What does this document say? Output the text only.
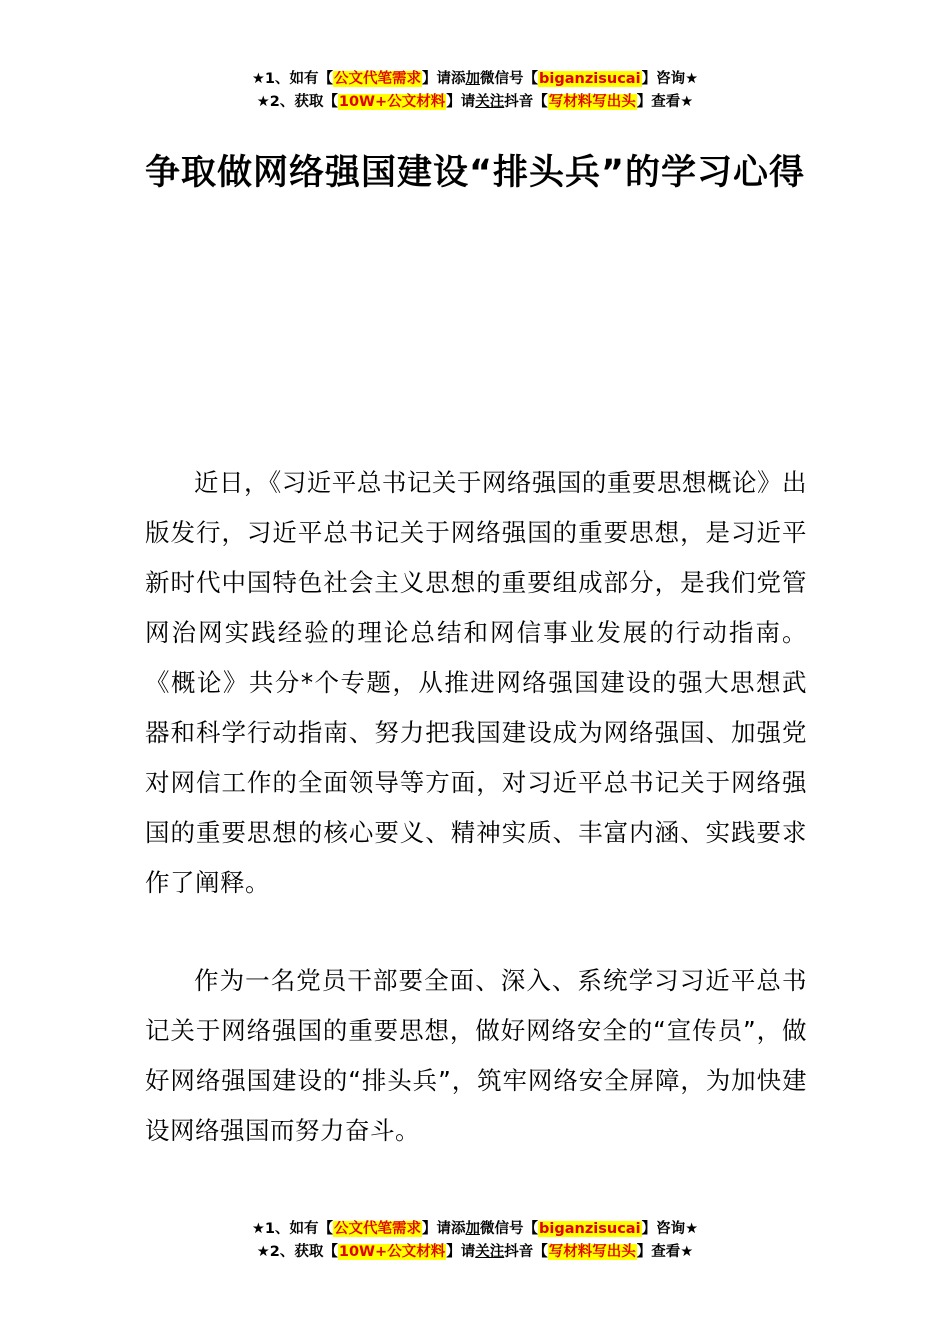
★1、如有【公文代笔需求】请添加微信号【biganzisucai】咨询★
★2、获取【10W+公文材料】请关注抖音【写材料写出头】查看★
争取做网络强国建设“排头兵”的学习心得
近日，《习近平总书记关于网络强国的重要思想概论》出版发行，习近平总书记关于网络强国的重要思想，是习近平新时代中国特色社会主义思想的重要组成部分，是我们党管网治网实践经验的理论总结和网信事业发展的行动指南。《概论》共分*个专题，从推进网络强国建设的强大思想武器和科学行动指南、努力把我国建设成为网络强国、加强党对网信工作的全面领导等方面，对习近平总书记关于网络强国的重要思想的核心要义、精神实质、丰富内涵、实践要求作了阐释。
作为一名党员干部要全面、深入、系统学习习近平总书记关于网络强国的重要思想，做好网络安全的“宣传员”，做好网络强国建设的“排头兵”，筑牢网络安全屏障，为加快建设网络强国而努力奋斗。
★1、如有【公文代笔需求】请添加微信号【biganzisucai】咨询★
★2、获取【10W+公文材料】请关注抖音【写材料写出头】查看★
